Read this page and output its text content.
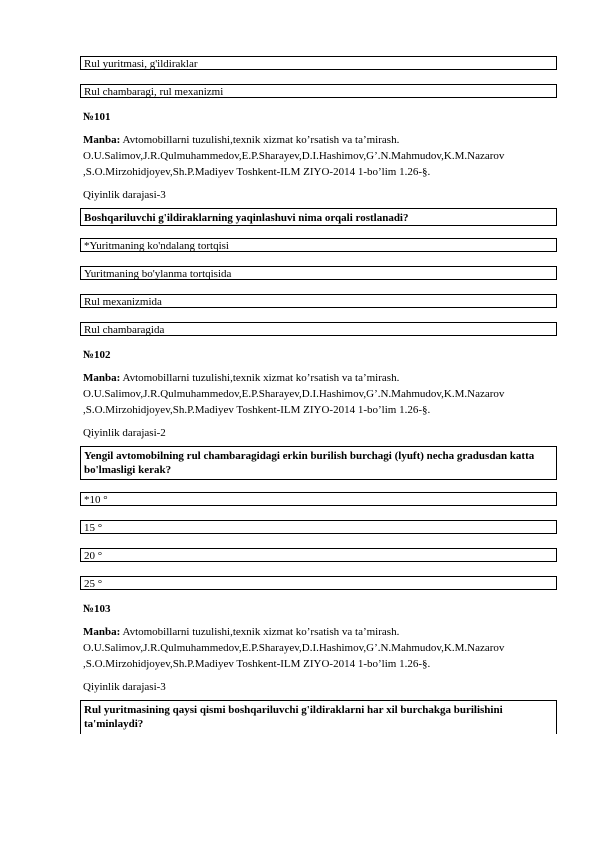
Rul yuritmasi, g'ildiraklar
Rul chambaragi, rul mexanizmi
№101
Manba: Avtomobillarni tuzulishi,texnik xizmat ko’rsatish va ta’mirash.
O.U.Salimov,J.R.Qulmuhammedov,E.P.Sharayev,D.I.Hashimov,G’.N.Mahmudov,K.M.Nazarov
,S.O.Mirzohidjoyev,Sh.P.Madiyev Toshkent-ILM ZIYO-2014 1-bo’lim 1.26-§.
Qiyinlik darajasi-3
Boshqariluvchi g'ildiraklarning yaqinlashuvi nima orqali rostlanadi?
*Yuritmaning ko'ndalang tortqisi
Yuritmaning bo'ylanma tortqisida
Rul mexanizmida
Rul chambaragida
№102
Manba: Avtomobillarni tuzulishi,texnik xizmat ko’rsatish va ta’mirash.
O.U.Salimov,J.R.Qulmuhammedov,E.P.Sharayev,D.I.Hashimov,G’.N.Mahmudov,K.M.Nazarov
,S.O.Mirzohidjoyev,Sh.P.Madiyev Toshkent-ILM ZIYO-2014 1-bo’lim 1.26-§.
Qiyinlik darajasi-2
Yengil avtomobilning rul chambaragidagi erkin burilish burchagi (lyuft) necha gradusdan katta bo'lmasligi kerak?
*10 °
15 °
20 °
25 °
№103
Manba: Avtomobillarni tuzulishi,texnik xizmat ko’rsatish va ta’mirash.
O.U.Salimov,J.R.Qulmuhammedov,E.P.Sharayev,D.I.Hashimov,G’.N.Mahmudov,K.M.Nazarov
,S.O.Mirzohidjoyev,Sh.P.Madiyev Toshkent-ILM ZIYO-2014 1-bo’lim 1.26-§.
Qiyinlik darajasi-3
Rul yuritmasining qaysi qismi boshqariluvchi g'ildiraklarni har xil burchakga burilishini ta'minlaydi?
